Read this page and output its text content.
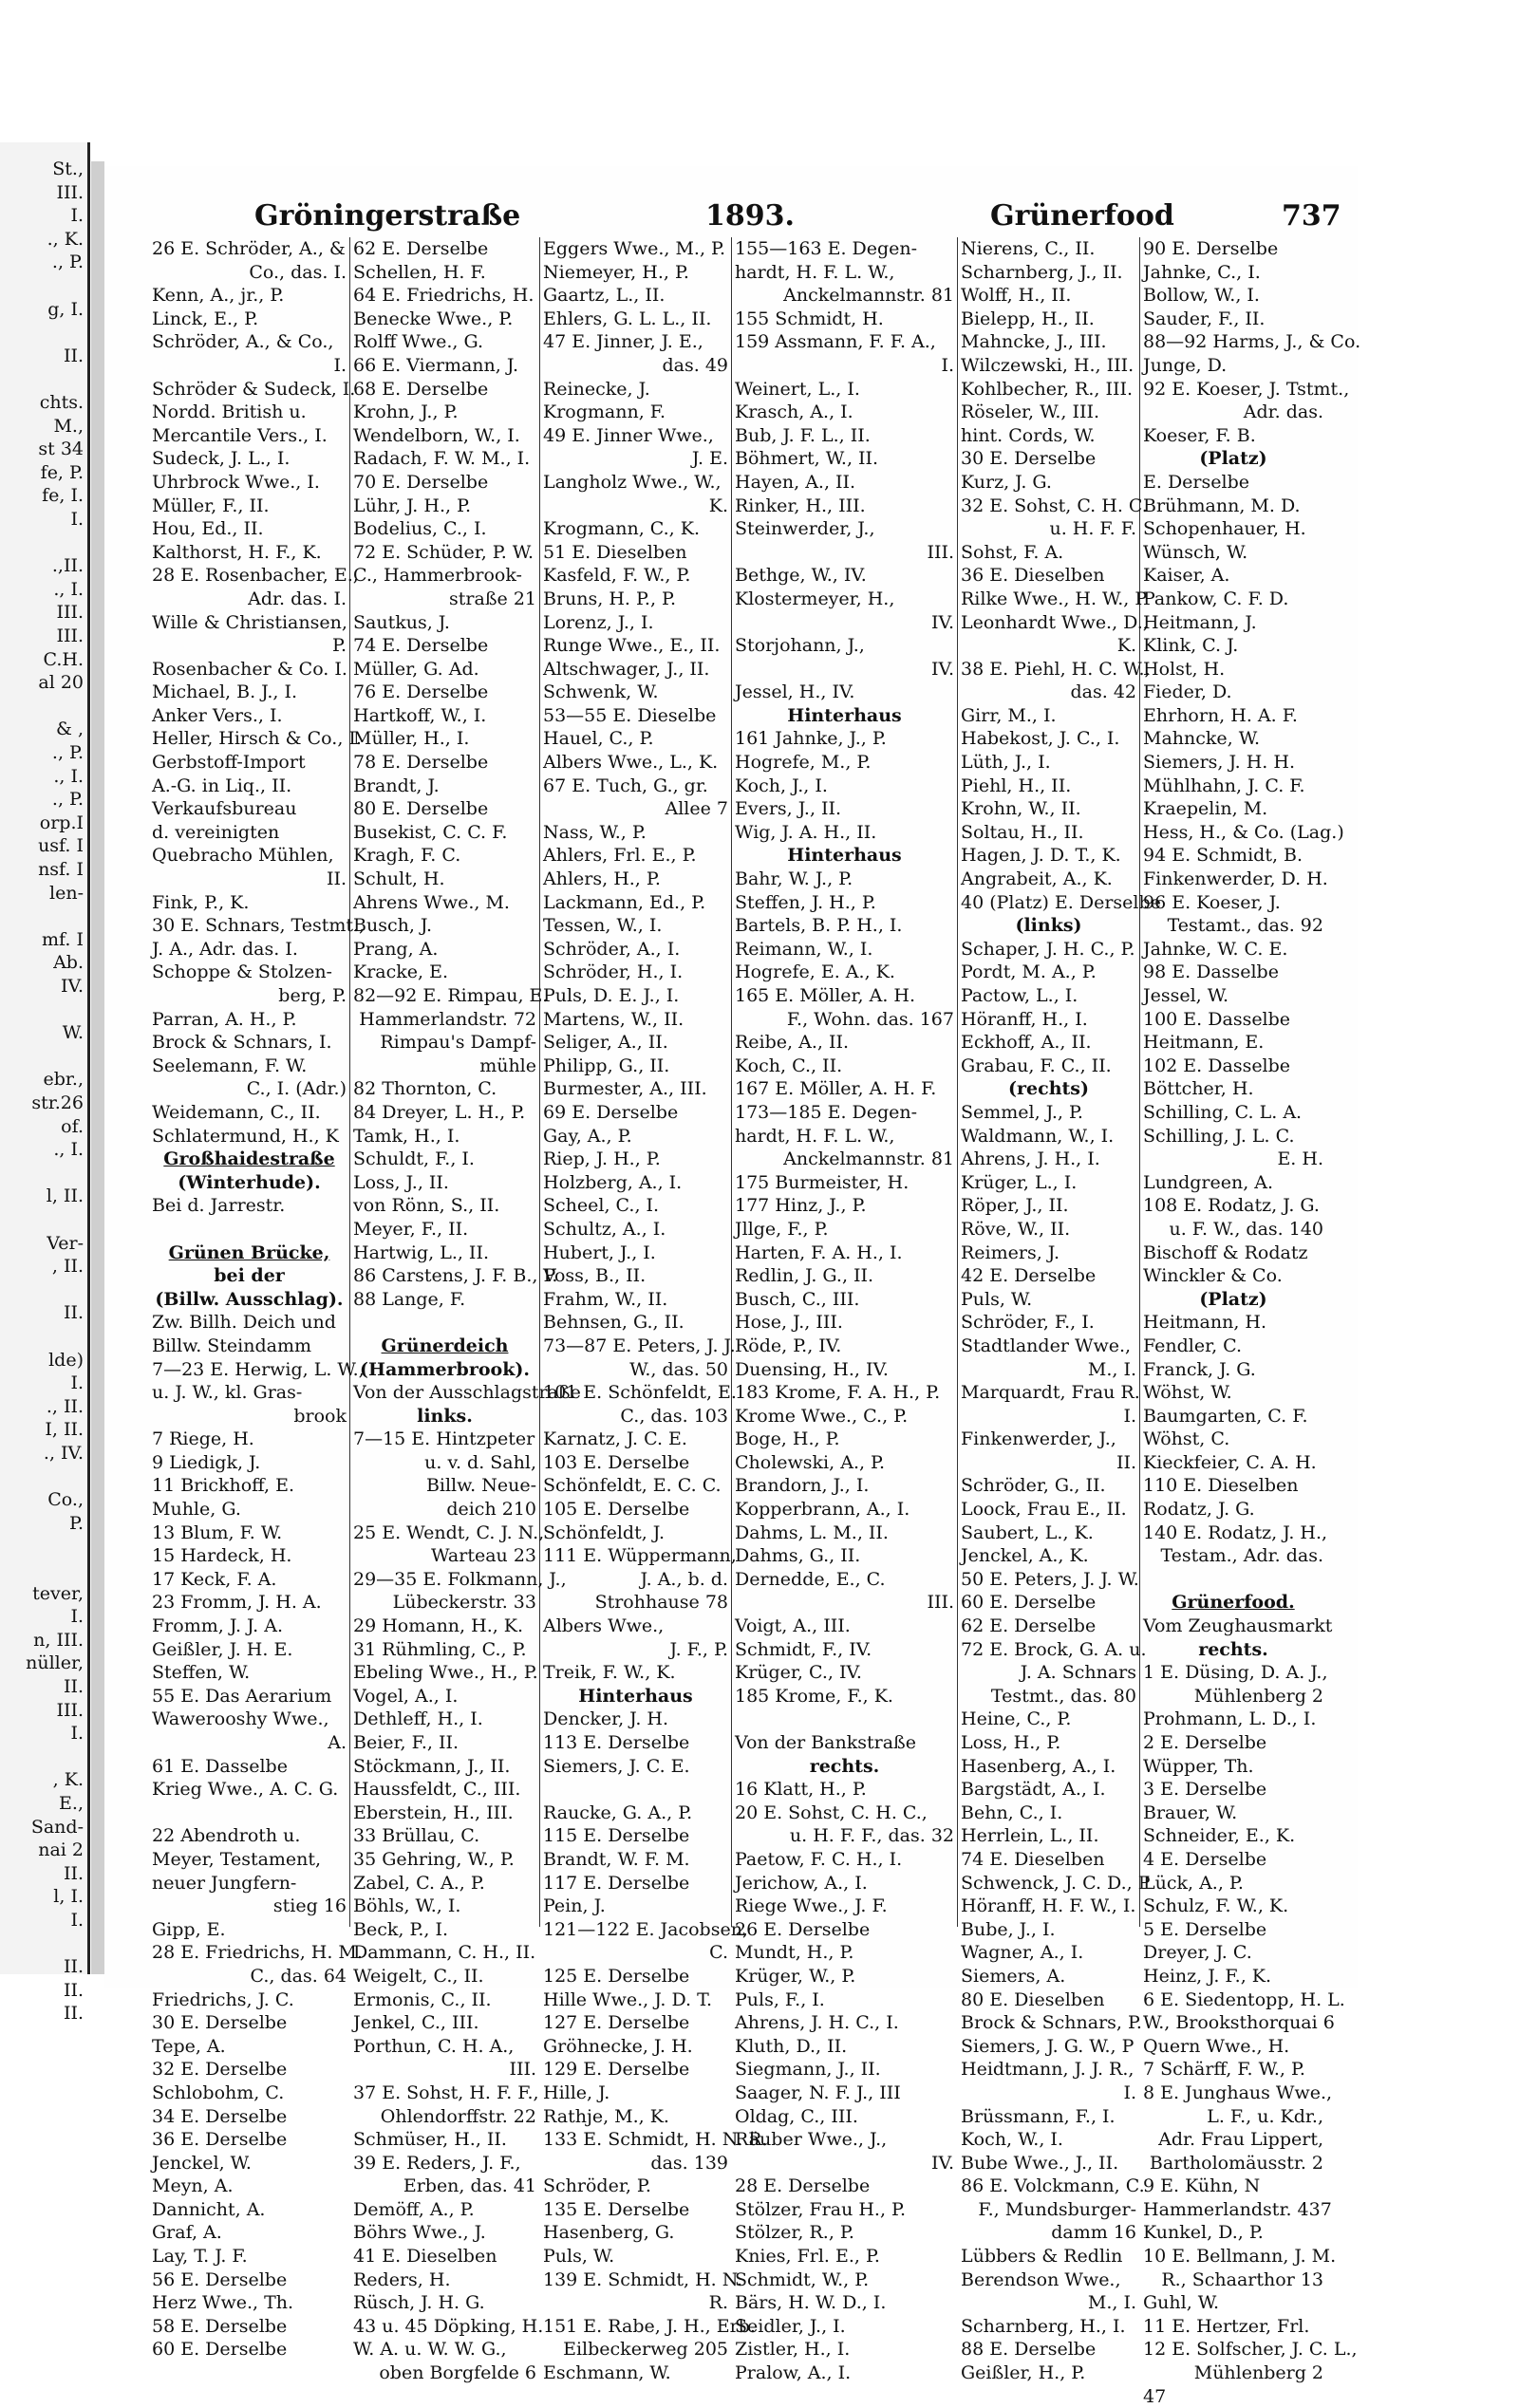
St.,
III.
I.
., K.
., P.
g, I.
II.
chts.
M.,
st 34
fe, P.
fe, I.
I.
.,II.
., I.
III.
III.
C.H.
al 20
& ,
., P.
., I.
., P.
orp.I
usf. I
nsf. I
len-
mf. I
Ab.
IV.
W.
ebr.,
str.26
of.
., I.
l, II.
Ver-
, II.
II.
lde)
I.
., II.
I, II.
., IV.
Co.,
P.
tever,
I.
n, III.
nüller,
II.
III.
I.
, K.
E.,
Sand-
nai 2
II.
l, I.
I.
II.
II.
II.
Gröningerstraße	1893.	Grünerfood	737
26 E. Schröder, A., &
Co., das. I.
Kenn, A., jr., P.
Linck, E., P.
Schröder, A., & Co.,
I.
Schröder & Sudeck, I.
Nordd. British u.
Mercantile Vers., I.
Sudeck, J. L., I.
Uhrbrock Wwe., I.
Müller, F., II.
Hou, Ed., II.
Kalthorst, H. F., K.
28 E. Rosenbacher, E.,
Adr. das. I.
Wille & Christiansen,
P.
Rosenbacher & Co. I.
Michael, B. J., I.
Anker Vers., I.
Heller, Hirsch & Co., I.
Gerbstoff-Import
A.-G. in Liq., II.
Verkaufsbureau
d. vereinigten
Quebracho Mühlen,
II.
Fink, P., K.
30 E. Schnars, Testmt.,
J. A., Adr. das. I.
Schoppe & Stolzen-
berg, P.
Parran, A. H., P.
Brock & Schnars, I.
Seelemann, F. W.
C., I. (Adr.)
Weidemann, C., II.
Schlatermund, H., K
Großhaidestraße
(Winterhude).
Bei d. Jarrestr.

Grünen Brücke,
bei der
(Billw. Ausschlag).
Zw. Billh. Deich und
Billw. Steindamm
7—23 E. Herwig, L. W.,
u. J. W., kl. Gras-
brook
7 Riege, H.
9 Liedigk, J.
11 Brickhoff, E.
Muhle, G.
13 Blum, F. W.
15 Hardeck, H.
17 Keck, F. A.
23 Fromm, J. H. A.
Fromm, J. J. A.
Geißler, J. H. E.
Steffen, W.
55 E. Das Aerarium
Wawerooshy Wwe.,
A.
61 E. Dasselbe
Krieg Wwe., A. C. G.

22 Abendroth u.
Meyer, Testament,
neuer Jungfern-
stieg 16
Gipp, E.
28 E. Friedrichs, H. M.
C., das. 64
Friedrichs, J. C.
30 E. Derselbe
Tepe, A.
32 E. Derselbe
Schlobohm, C.
34 E. Derselbe
36 E. Derselbe
Jenckel, W.
Meyn, A.
Dannicht, A.
Graf, A.
Lay, T. J. F.
56 E. Derselbe
Herz Wwe., Th.
58 E. Derselbe
60 E. Derselbe
62 E. Derselbe
Schellen, H. F.
64 E. Friedrichs, H.
Benecke Wwe., P.
Rolff Wwe., G.
66 E. Viermann, J.
68 E. Derselbe
Krohn, J., P.
Wendelborn, W., I.
Radach, F. W. M., I.
70 E. Derselbe
Lühr, J. H., P.
Bodelius, C., I.
72 E. Schüder, P. W.
C., Hammerbrook-
straße 21
Sautkus, J.
74 E. Derselbe
Müller, G. Ad.
76 E. Derselbe
Hartkoff, W., I.
Müller, H., I.
78 E. Derselbe
Brandt, J.
80 E. Derselbe
Busekist, C. C. F.
Kragh, F. C.
Schult, H.
Ahrens Wwe., M.
Busch, J.
Prang, A.
Kracke, E.
82—92 E. Rimpau, E.
Hammerlandstr. 72
Rimpau's Dampf-
mühle
82 Thornton, C.
84 Dreyer, L. H., P.
Tamk, H., I.
Schuldt, F., I.
Loss, J., II.
von Rönn, S., II.
Meyer, F., II.
Hartwig, L., II.
86 Carstens, J. F. B., P.
88 Lange, F.

Grünerdeich
(Hammerbrook).
Von der Ausschlagstraße
links.
7—15 E. Hintzpeter
u. v. d. Sahl,
Billw. Neue-
deich 210
25 E. Wendt, C. J. N.,
Warteau 23
29—35 E. Folkmann, J.,
Lübeckerstr. 33
29 Homann, H., K.
31 Rühmling, C., P.
Ebeling Wwe., H., P.
Vogel, A., I.
Dethleff, H., I.
Beier, F., II.
Stöckmann, J., II.
Haussfeldt, C., III.
Eberstein, H., III.
33 Brüllau, C.
35 Gehring, W., P.
Zabel, C. A., P.
Böhls, W., I.
Beck, P., I.
Dammann, C. H., II.
Weigelt, C., II.
Ermonis, C., II.
Jenkel, C., III.
Porthun, C. H. A.,
III.
37 E. Sohst, H. F. F.,
Ohlendorffstr. 22
Schmüser, H., II.
39 E. Reders, J. F.,
Erben, das. 41
Demöff, A., P.
Böhrs Wwe., J.
41 E. Dieselben
Reders, H.
Rüsch, J. H. G.
43 u. 45 Döpking, H.
W. A. u. W. W. G.,
oben Borgfelde 6
Eggers Wwe., M., P.
Niemeyer, H., P.
Gaartz, L., II.
Ehlers, G. L. L., II.
47 E. Jinner, J. E.,
das. 49
Reinecke, J.
Krogmann, F.
49 E. Jinner Wwe.,
J. E.
Langholz Wwe., W.,
K.
Krogmann, C., K.
51 E. Dieselben
Kasfeld, F. W., P.
Bruns, H. P., P.
Lorenz, J., I.
Runge Wwe., E., II.
Altschwager, J., II.
Schwenk, W.
53—55 E. Dieselbe
Hauel, C., P.
Albers Wwe., L., K.
67 E. Tuch, G., gr.
Allee 7
Nass, W., P.
Ahlers, Frl. E., P.
Ahlers, H., P.
Lackmann, Ed., P.
Tessen, W., I.
Schröder, A., I.
Schröder, H., I.
Puls, D. E. J., I.
Martens, W., II.
Seliger, A., II.
Philipp, G., II.
Burmester, A., III.
69 E. Derselbe
Gay, A., P.
Riep, J. H., P.
Holzberg, A., I.
Scheel, C., I.
Schultz, A., I.
Hubert, J., I.
Voss, B., II.
Frahm, W., II.
Behnsen, G., II.
73—87 E. Peters, J. J.
W., das. 50
101 E. Schönfeldt, E.
C., das. 103
Karnatz, J. C. E.
103 E. Derselbe
Schönfeldt, E. C. C.
105 E. Derselbe
Schönfeldt, J.
111 E. Wüppermann,
J. A., b. d.
Strohhause 78
Albers Wwe.,
J. F., P.
Treik, F. W., K.
Hinterhaus
Dencker, J. H.
113 E. Derselbe
Siemers, J. C. E.

Raucke, G. A., P.
115 E. Derselbe
Brandt, W. F. M.
117 E. Derselbe
Pein, J.
121—122 E. Jacobsen,
C.
125 E. Derselbe
Hille Wwe., J. D. T.
127 E. Derselbe
Gröhnecke, J. H.
129 E. Derselbe
Hille, J.
Rathje, M., K.
133 E. Schmidt, H. N. R.
das. 139
Schröder, P.
135 E. Derselbe
Hasenberg, G.
Puls, W.
139 E. Schmidt, H. N.
R.
151 E. Rabe, J. H., Erb.
Eilbeckerweg 205
Eschmann, W.
155—163 E. Degen-
hardt, H. F. L. W.,
Anckelmannstr. 81
155 Schmidt, H.
159 Assmann, F. F. A.,
I.
Weinert, L., I.
Krasch, A., I.
Bub, J. F. L., II.
Böhmert, W., II.
Hayen, A., II.
Rinker, H., III.
Steinwerder, J.,
III.
Bethge, W., IV.
Klostermeyer, H.,
IV.
Storjohann, J.,
IV.
Jessel, H., IV.
Hinterhaus
161 Jahnke, J., P.
Hogrefe, M., P.
Koch, J., I.
Evers, J., II.
Wig, J. A. H., II.
Hinterhaus
Bahr, W. J., P.
Steffen, J. H., P.
Bartels, B. P. H., I.
Reimann, W., I.
Hogrefe, E. A., K.
165 E. Möller, A. H.
F., Wohn. das. 167
Reibe, A., II.
Koch, C., II.
167 E. Möller, A. H. F.
173—185 E. Degen-
hardt, H. F. L. W.,
Anckelmannstr. 81
175 Burmeister, H.
177 Hinz, J., P.
Jllge, F., P.
Harten, F. A. H., I.
Redlin, J. G., II.
Busch, C., III.
Hose, J., III.
Röde, P., IV.
Duensing, H., IV.
183 Krome, F. A. H., P.
Krome Wwe., C., P.
Boge, H., P.
Cholewski, A., P.
Brandorn, J., I.
Kopperbrann, A., I.
Dahms, L. M., II.
Dahms, G., II.
Dernedde, E., C.
III.
Voigt, A., III.
Schmidt, F., IV.
Krüger, C., IV.
185 Krome, F., K.

Von der Bankstraße
rechts.
16 Klatt, H., P.
20 E. Sohst, C. H. C.,
u. H. F. F., das. 32
Paetow, F. C. H., I.
Jerichow, A., I.
Riege Wwe., J. F.
26 E. Derselbe
Mundt, H., P.
Krüger, W., P.
Puls, F., I.
Ahrens, J. H. C., I.
Kluth, D., II.
Siegmann, J., II.
Saager, N. F. J., III
Oldag, C., III.
Räuber Wwe., J.,
IV.
28 E. Derselbe
Stölzer, Frau H., P.
Stölzer, R., P.
Knies, Frl. E., P.
Schmidt, W., P.
Bärs, H. W. D., I.
Seidler, J., I.
Zistler, H., I.
Pralow, A., I.
Nierens, C., II.
Scharnberg, J., II.
Wolff, H., II.
Bielepp, H., II.
Mahncke, J., III.
Wilczewski, H., III.
Kohlbecher, R., III.
Röseler, W., III.
hint. Cords, W.
30 E. Derselbe
Kurz, J. G.
32 E. Sohst, C. H. C.
u. H. F. F.
Sohst, F. A.
36 E. Dieselben
Rilke Wwe., H. W., P
Leonhardt Wwe., D.,
K.
38 E. Piehl, H. C. W.,
das. 42
Girr, M., I.
Habekost, J. C., I.
Lüth, J., I.
Piehl, H., II.
Krohn, W., II.
Soltau, H., II.
Hagen, J. D. T., K.
Angrabeit, A., K.
40 (Platz) E. Derselbe
(links)
Schaper, J. H. C., P.
Pordt, M. A., P.
Pactow, L., I.
Höranff, H., I.
Eckhoff, A., II.
Grabau, F. C., II.
(rechts)
Semmel, J., P.
Waldmann, W., I.
Ahrens, J. H., I.
Krüger, L., I.
Röper, J., II.
Röve, W., II.
Reimers, J.
42 E. Derselbe
Puls, W.
Schröder, F., I.
Stadtlander Wwe.,
M., I.
Marquardt, Frau R.
I.
Finkenwerder, J.,
II.
Schröder, G., II.
Loock, Frau E., II.
Saubert, L., K.
Jenckel, A., K.
50 E. Peters, J. J. W.
60 E. Derselbe
62 E. Derselbe
72 E. Brock, G. A. u.
J. A. Schnars
Testmt., das. 80
Heine, C., P.
Loss, H., P.
Hasenberg, A., I.
Bargstädt, A., I.
Behn, C., I.
Herrlein, L., II.
74 E. Dieselben
Schwenck, J. C. D., P
Höranff, H. F. W., I.
Bube, J., I.
Wagner, A., I.
Siemers, A.
80 E. Dieselben
Brock & Schnars, P.
Siemers, J. G. W., P
Heidtmann, J. J. R.,
I.
Brüssmann, F., I.
Koch, W., I.
Bube Wwe., J., II.
86 E. Volckmann, C.
F., Mundsburger-
damm 16
Lübbers & Redlin
Berendson Wwe.,
M., I.
Scharnberg, H., I.
88 E. Derselbe
Geißler, H., P.
90 E. Derselbe
Jahnke, C., I.
Bollow, W., I.
Sauder, F., II.
88—92 Harms, J., & Co.
Junge, D.
92 E. Koeser, J. Tstmt.,
Adr. das.
Koeser, F. B.
(Platz)
E. Derselbe
Brühmann, M. D.
Schopenhauer, H.
Wünsch, W.
Kaiser, A.
Pankow, C. F. D.
Heitmann, J.
Klink, C. J.
Holst, H.
Fieder, D.
Ehrhorn, H. A. F.
Mahncke, W.
Siemers, J. H. H.
Mühlhahn, J. C. F.
Kraepelin, M.
Hess, H., & Co. (Lag.)
94 E. Schmidt, B.
Finkenwerder, D. H.
96 E. Koeser, J.
Testamt., das. 92
Jahnke, W. C. E.
98 E. Dasselbe
Jessel, W.
100 E. Dasselbe
Heitmann, E.
102 E. Dasselbe
Böttcher, H.
Schilling, C. L. A.
Schilling, J. L. C.
E. H.
Lundgreen, A.
108 E. Rodatz, J. G.
u. F. W., das. 140
Bischoff & Rodatz
Winckler & Co.
(Platz)
Heitmann, H.
Fendler, C.
Franck, J. G.
Wöhst, W.
Baumgarten, C. F.
Wöhst, C.
Kieckfeier, C. A. H.
110 E. Dieselben
Rodatz, J. G.
140 E. Rodatz, J. H.,
Testam., Adr. das.

Grünerfood.
Vom Zeughausmarkt
rechts.
1 E. Düsing, D. A. J.,
Mühlenberg 2
Prohmann, L. D., I.
2 E. Derselbe
Wüpper, Th.
3 E. Derselbe
Brauer, W.
Schneider, E., K.
4 E. Derselbe
Lück, A., P.
Schulz, F. W., K.
5 E. Derselbe
Dreyer, J. C.
Heinz, J. F., K.
6 E. Siedentopp, H. L.
W., Brooksthorquai 6
Quern Wwe., H.
7 Schärff, F. W., P.
8 E. Junghaus Wwe.,
L. F., u. Kdr.,
Adr. Frau Lippert,
Bartholomäusstr. 2
9 E. Kühn, N
Hammerlandstr. 437
Kunkel, D., P.
10 E. Bellmann, J. M.
R., Schaarthor 13
Guhl, W.
11 E. Hertzer, Frl.
12 E. Solfscher, J. C. L.,
Mühlenberg 2
47
